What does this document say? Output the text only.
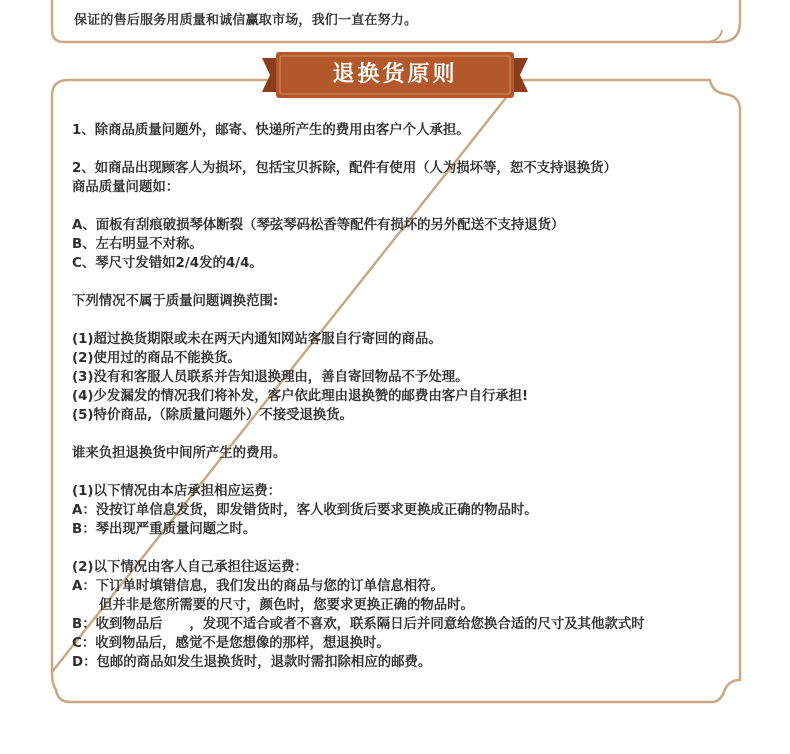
保证的售后服务用质量和诚信赢取市场，我们一直在努力。
退换货原则
1、除商品质量问题外，邮寄、快递所产生的费用由客户个人承担。
2、如商品出现顾客人为损坏，包括宝贝拆除，配件有使用（人为损坏等，恕不支持退换货）
商品质量问题如：
A、面板有刮痕破损琴体断裂（琴弦琴码松香等配件有损坏的另外配送不支持退货）
B、左右明显不对称。
C、琴尺寸发错如2/4发的4/4。
下列情况不属于质量问题调换范围:
(1)超过换货期限或未在两天内通知网站客服自行寄回的商品。
(2)使用过的商品不能换货。
(3)没有和客服人员联系并告知退换理由，善自寄回物品不予处理。
(4)少发漏发的情况我们将补发，客户依此理由退换赞的邮费由客户自行承担!
(5)特价商品,（除质量问题外）不接受退换货。
谁来负担退换货中间所产生的费用。
(1)以下情况由本店承担相应运费：
A：没按订单信息发货，即发错货时，客人收到货后要求更换成正确的物品时。
B：琴出现严重质量问题之时。
(2)以下情况由客人自己承担往返运费：
A：下订单时填错信息，我们发出的商品与您的订单信息相符。
但并非是您所需要的尺寸，颜色时，您要求更换正确的物品时。
B：收到物品后　　，发现不适合或者不喜欢，联系隔日后并同意给您换合适的尺寸及其他款式时
C：收到物品后，感觉不是您想像的那样，想退换时。
D：包邮的商品如发生退换货时，退款时需扣除相应的邮费。
